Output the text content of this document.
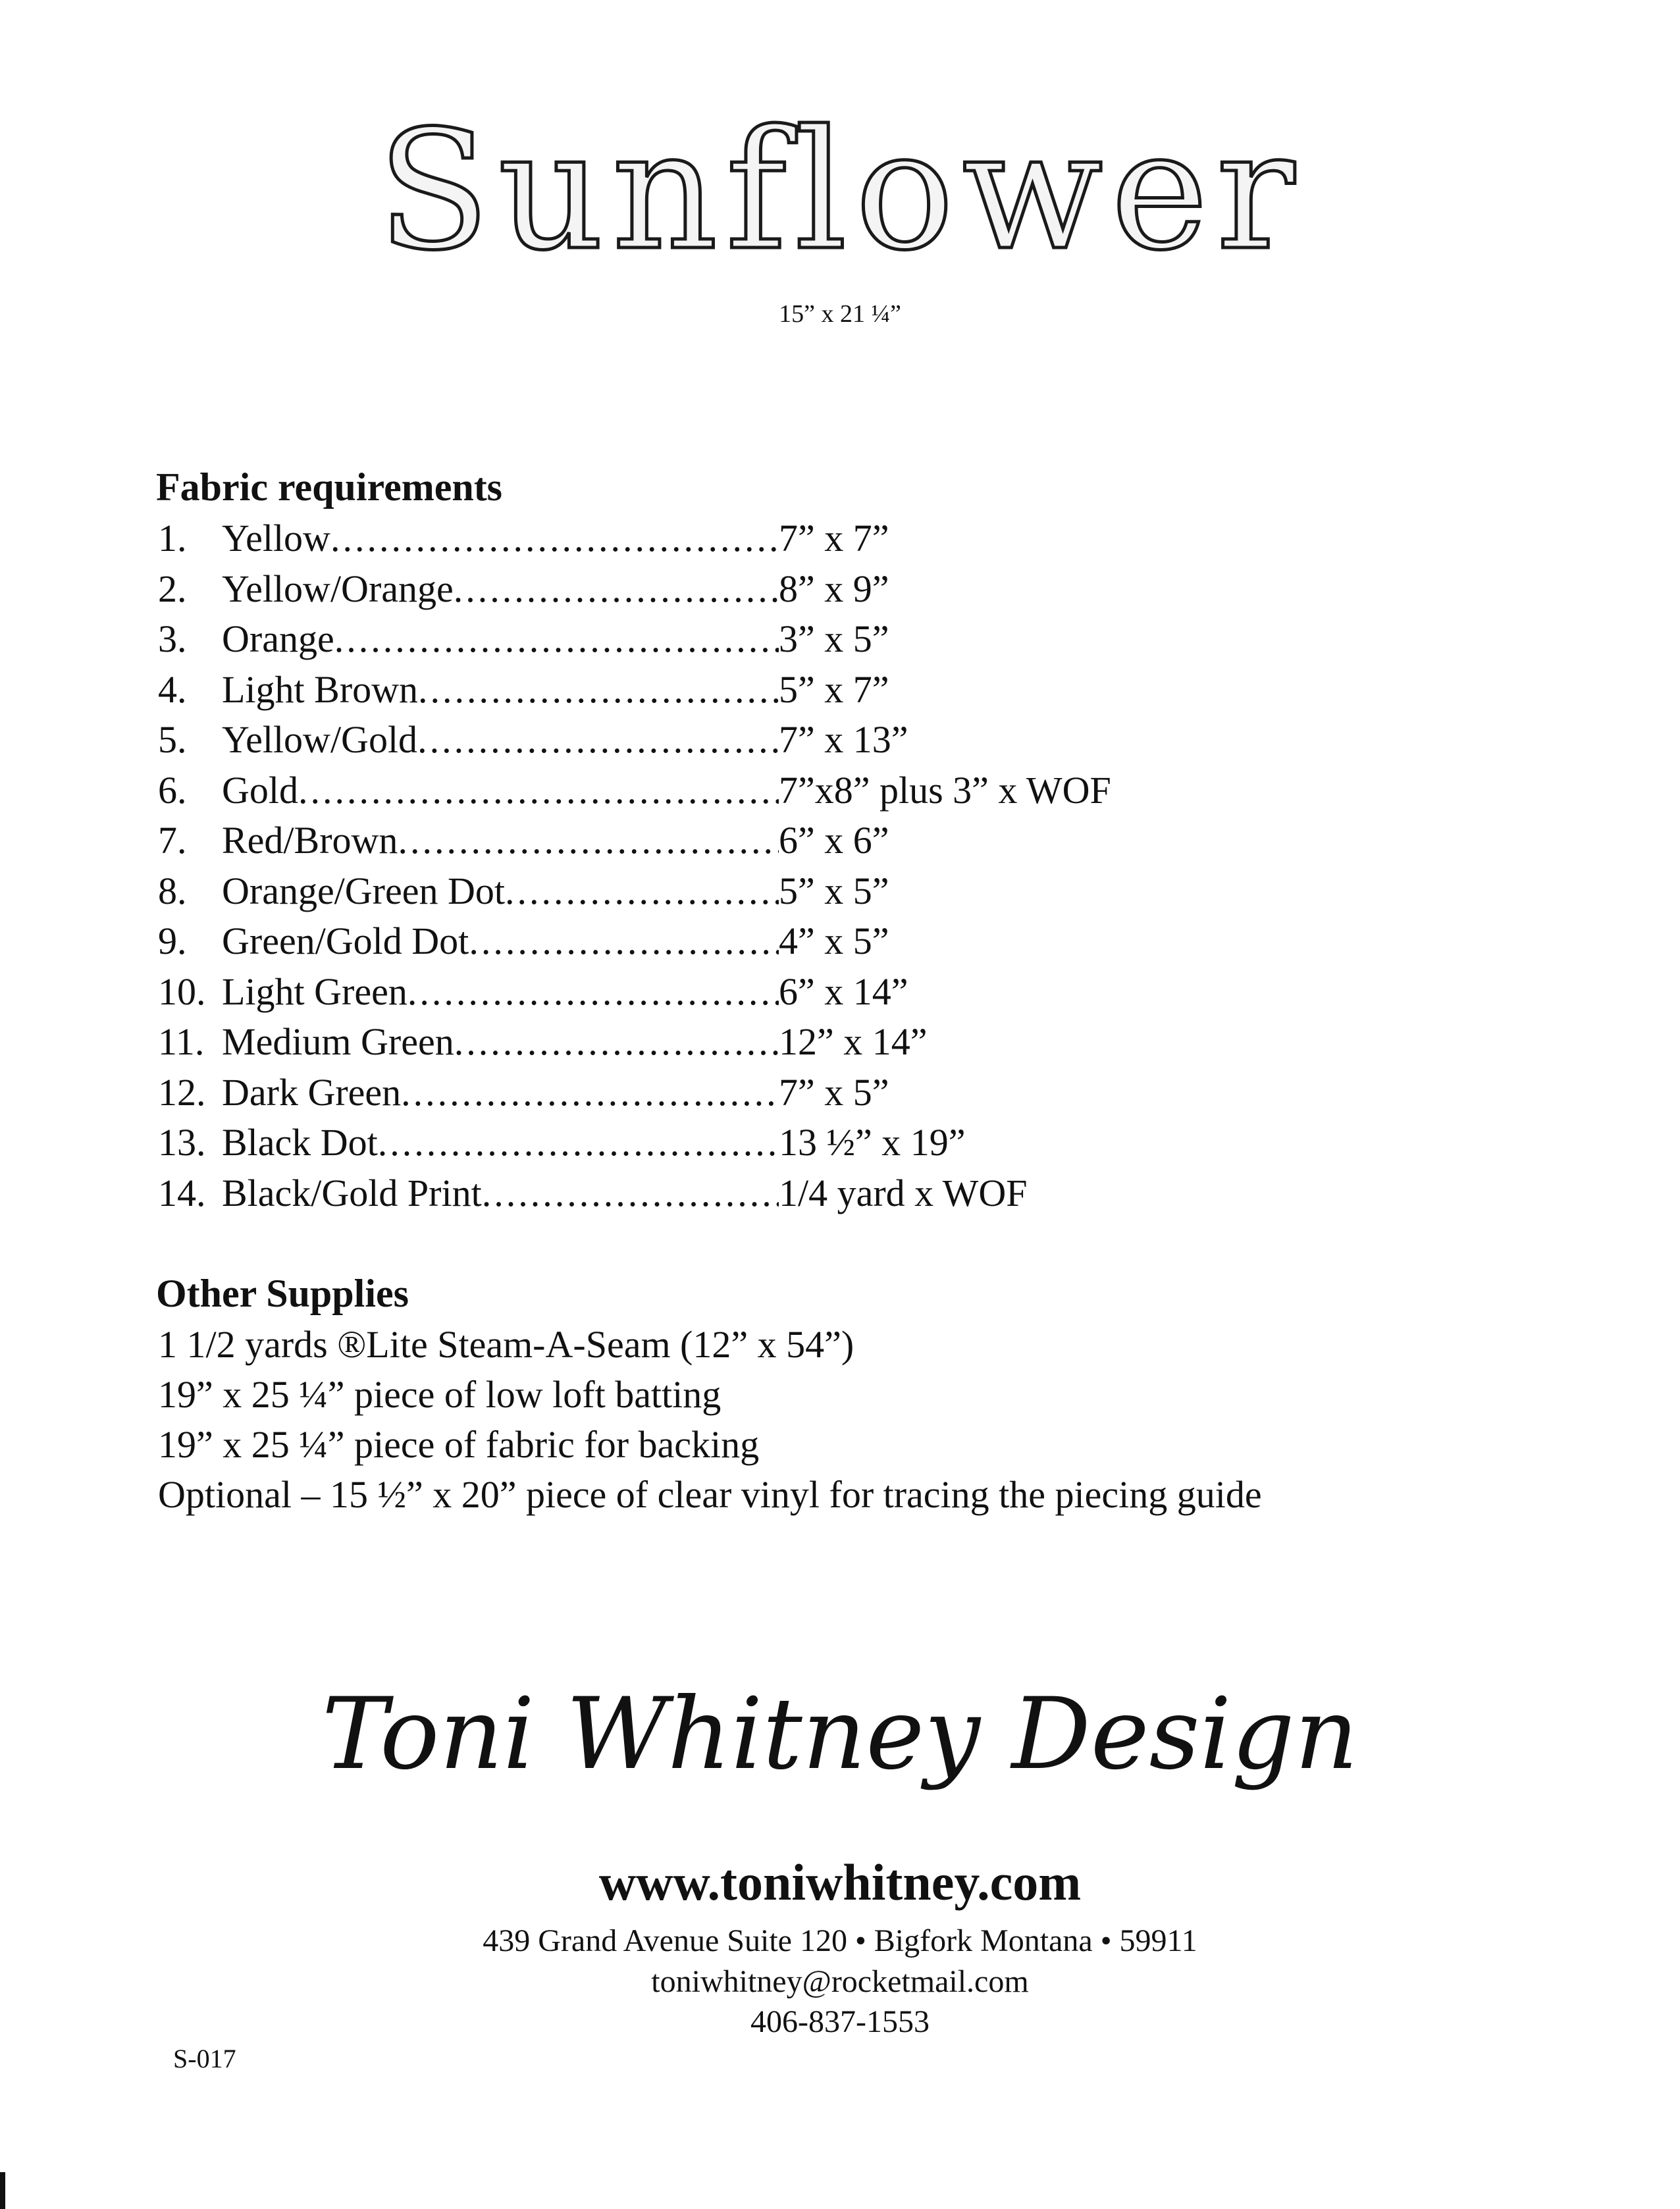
Sunflower
15” x 21 ¼”
Fabric requirements
1. Yellow .....	7” x 7”
2. Yellow/Orange .....	8” x 9”
3. Orange .....	3” x 5”
4. Light Brown .....	5” x 7”
5. Yellow/Gold .....	7” x 13”
6. Gold .....	7”x8” plus 3” x WOF
7. Red/Brown .....	6” x 6”
8. Orange/Green Dot .....	5” x 5”
9. Green/Gold Dot .....	4” x 5”
10. Light Green .....	6” x 14”
11. Medium Green .....	12” x 14”
12. Dark Green .....	7” x 5”
13. Black Dot .....	13 ½” x 19”
14. Black/Gold Print .....	1/4 yard x WOF
Other Supplies
1 1/2 yards ®Lite Steam-A-Seam (12” x 54”)
19” x 25 ¼” piece of low loft batting
19” x 25 ¼” piece of fabric for backing
Optional – 15 ½” x 20” piece of clear vinyl for tracing the piecing guide
Toni Whitney Design
www.toniwhitney.com
439 Grand Avenue Suite 120 • Bigfork Montana • 59911
toniwhitney@rocketmail.com
406-837-1553
S-017
